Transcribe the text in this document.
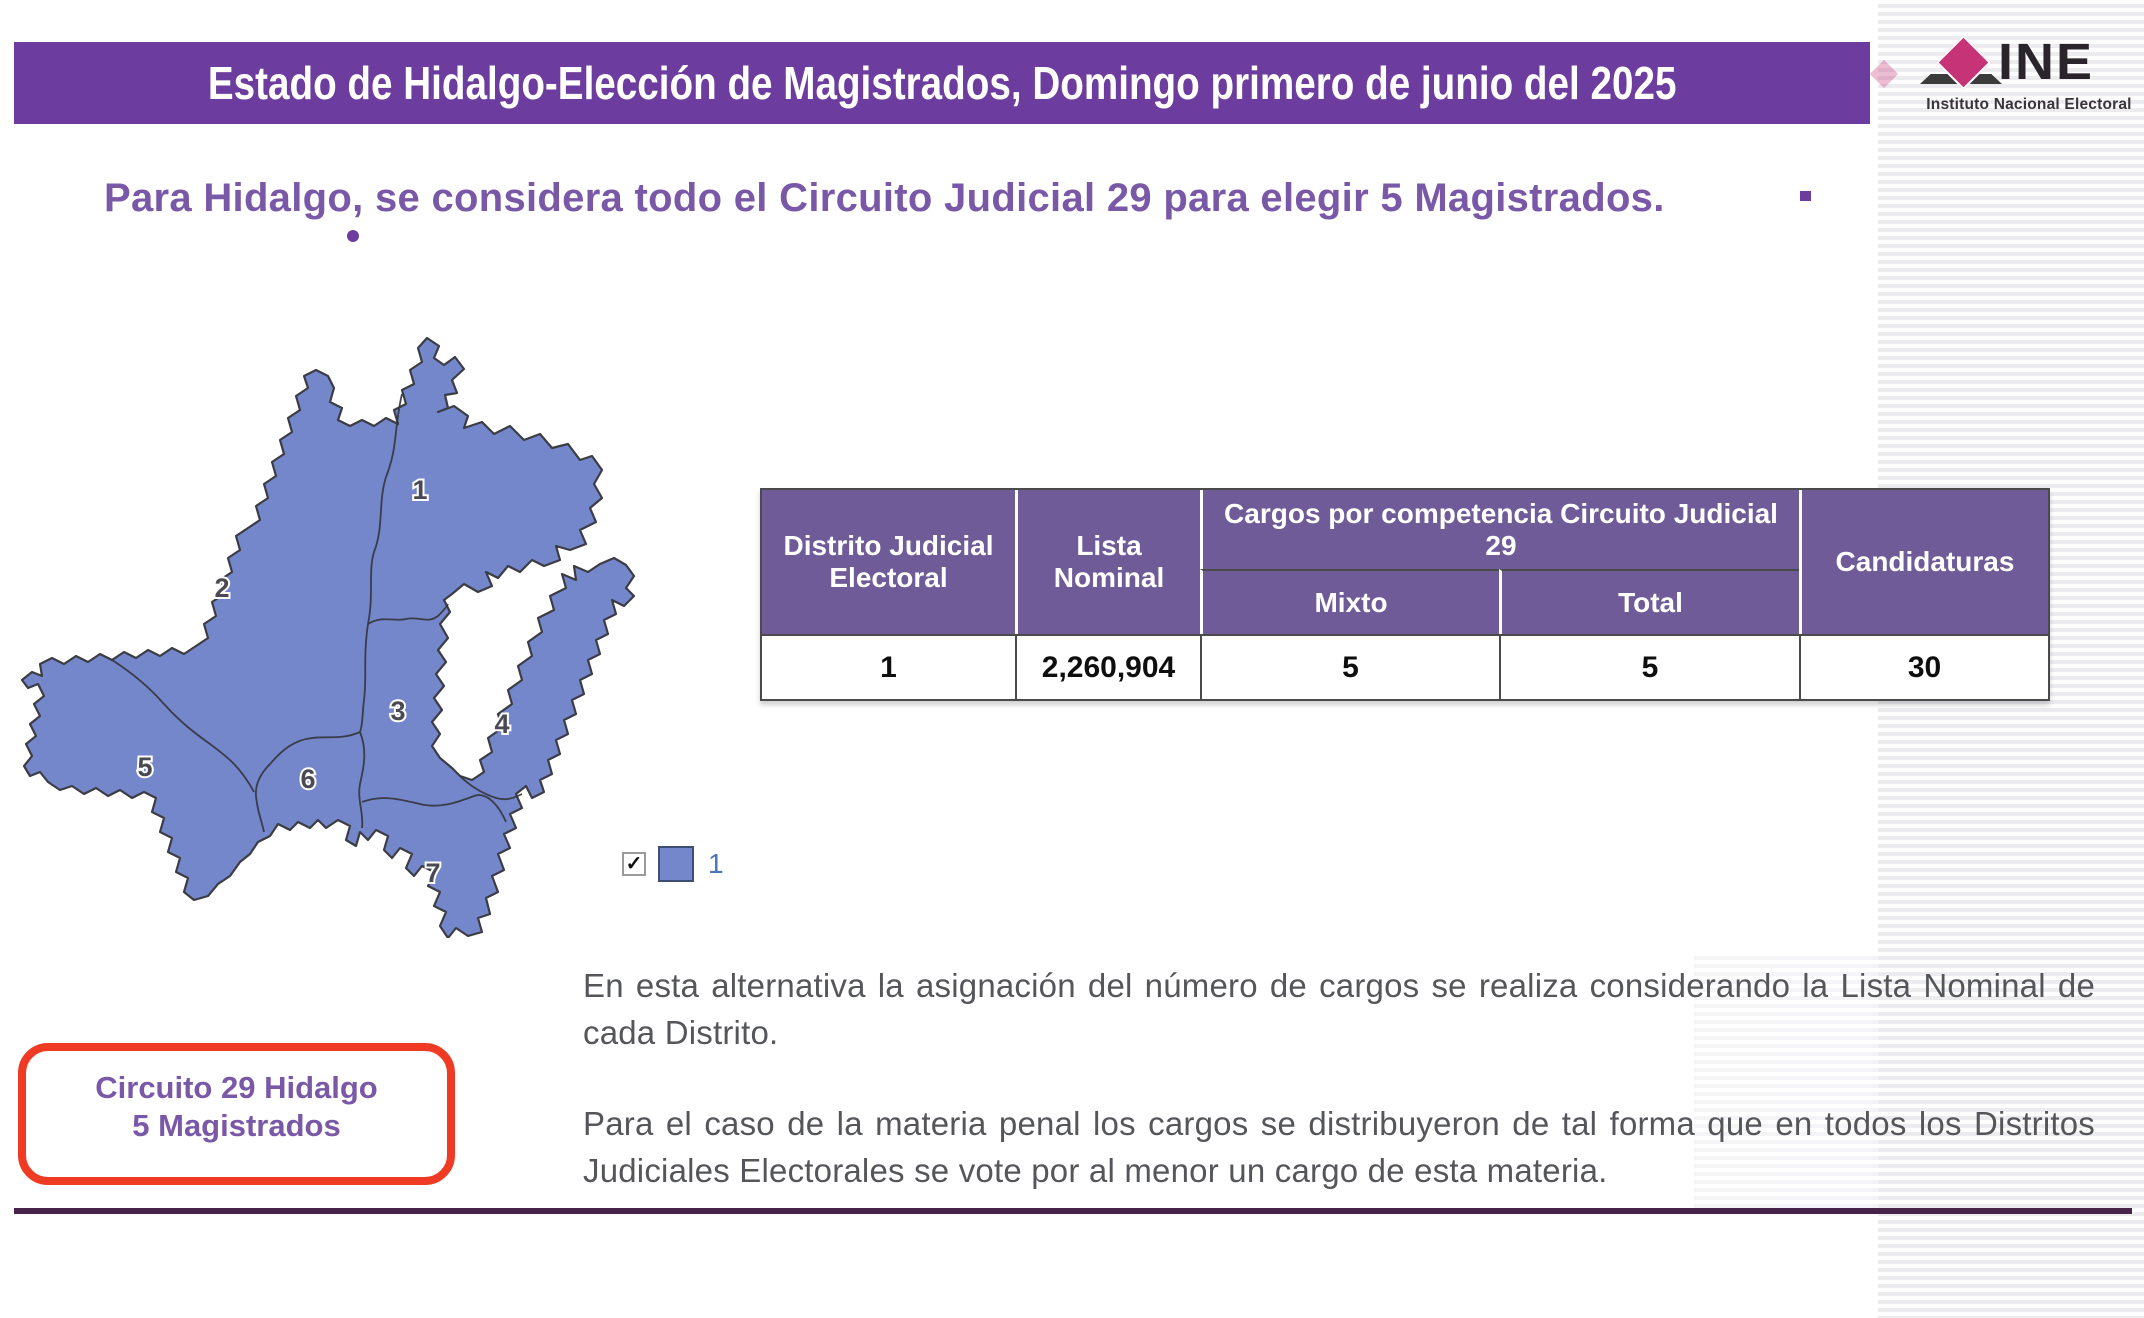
Estado de Hidalgo-Elección de Magistrados, Domingo primero de junio del 2025	INE
Instituto Nacional Electoral
Para Hidalgo, se considera todo el Circuito Judicial 29 para elegir 5 Magistrados.
1
2
3	4
5	6
7	✓ 1
Distrito Judicial Electoral
Lista Nominal
Cargos por competencia Circuito Judicial 29
Mixto	Total
Candidaturas
1	2,260,904	5	5	30

En esta alternativa la asignación del número de cargos se realiza considerando la Lista Nominal de cada Distrito.

Para el caso de la materia penal los cargos se distribuyeron de tal forma que en todos los Distritos Judiciales Electorales se vote por al menor un cargo de esta materia.

Circuito 29 Hidalgo
5 Magistrados
